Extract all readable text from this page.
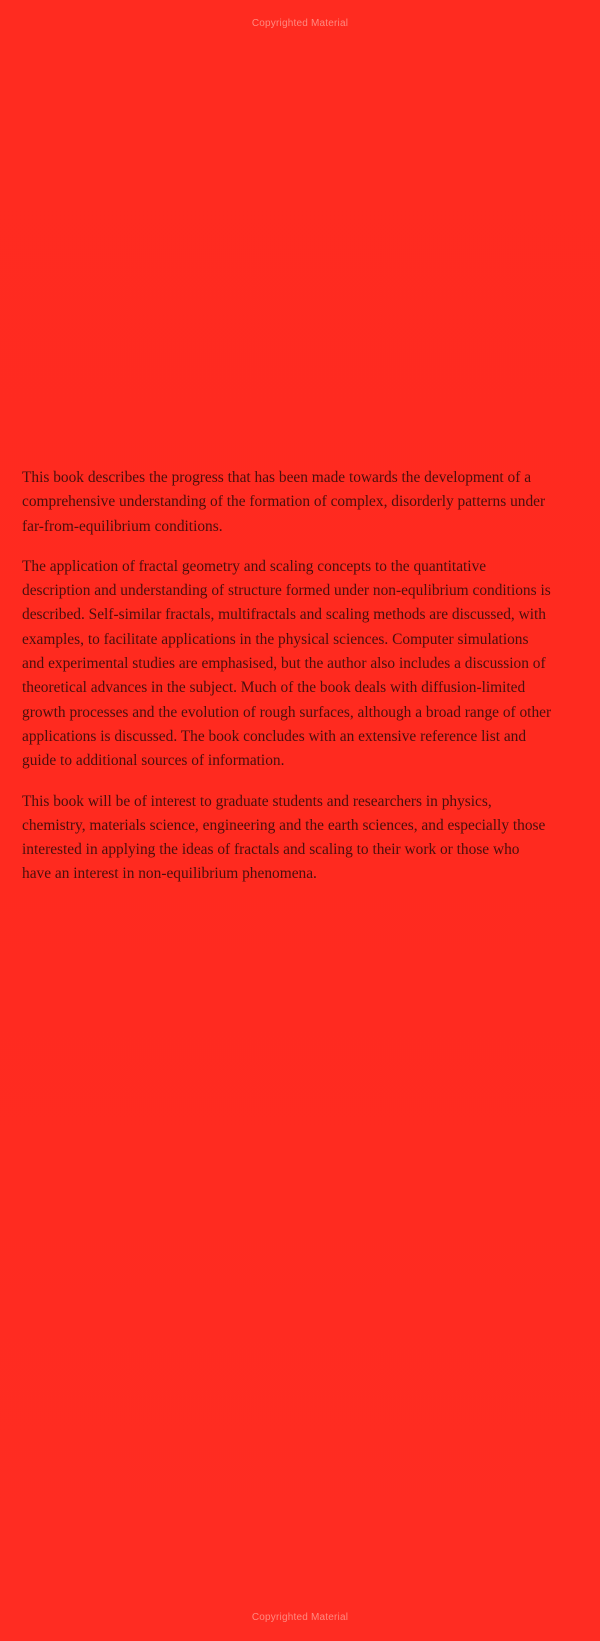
Copyrighted Material

This book describes the progress that has been made towards the development of a comprehensive understanding of the formation of complex, disorderly patterns under far-from-equilibrium conditions.

The application of fractal geometry and scaling concepts to the quantitative description and understanding of structure formed under non-equlibrium conditions is described. Self-similar fractals, multifractals and scaling methods are discussed, with examples, to facilitate applications in the physical sciences. Computer simulations and experimental studies are emphasised, but the author also includes a discussion of theoretical advances in the subject. Much of the book deals with diffusion-limited growth processes and the evolution of rough surfaces, although a broad range of other applications is discussed. The book concludes with an extensive reference list and guide to additional sources of information.

This book will be of interest to graduate students and researchers in physics, chemistry, materials science, engineering and the earth sciences, and especially those interested in applying the ideas of fractals and scaling to their work or those who have an interest in non-equilibrium phenomena.

Copyrighted Material
